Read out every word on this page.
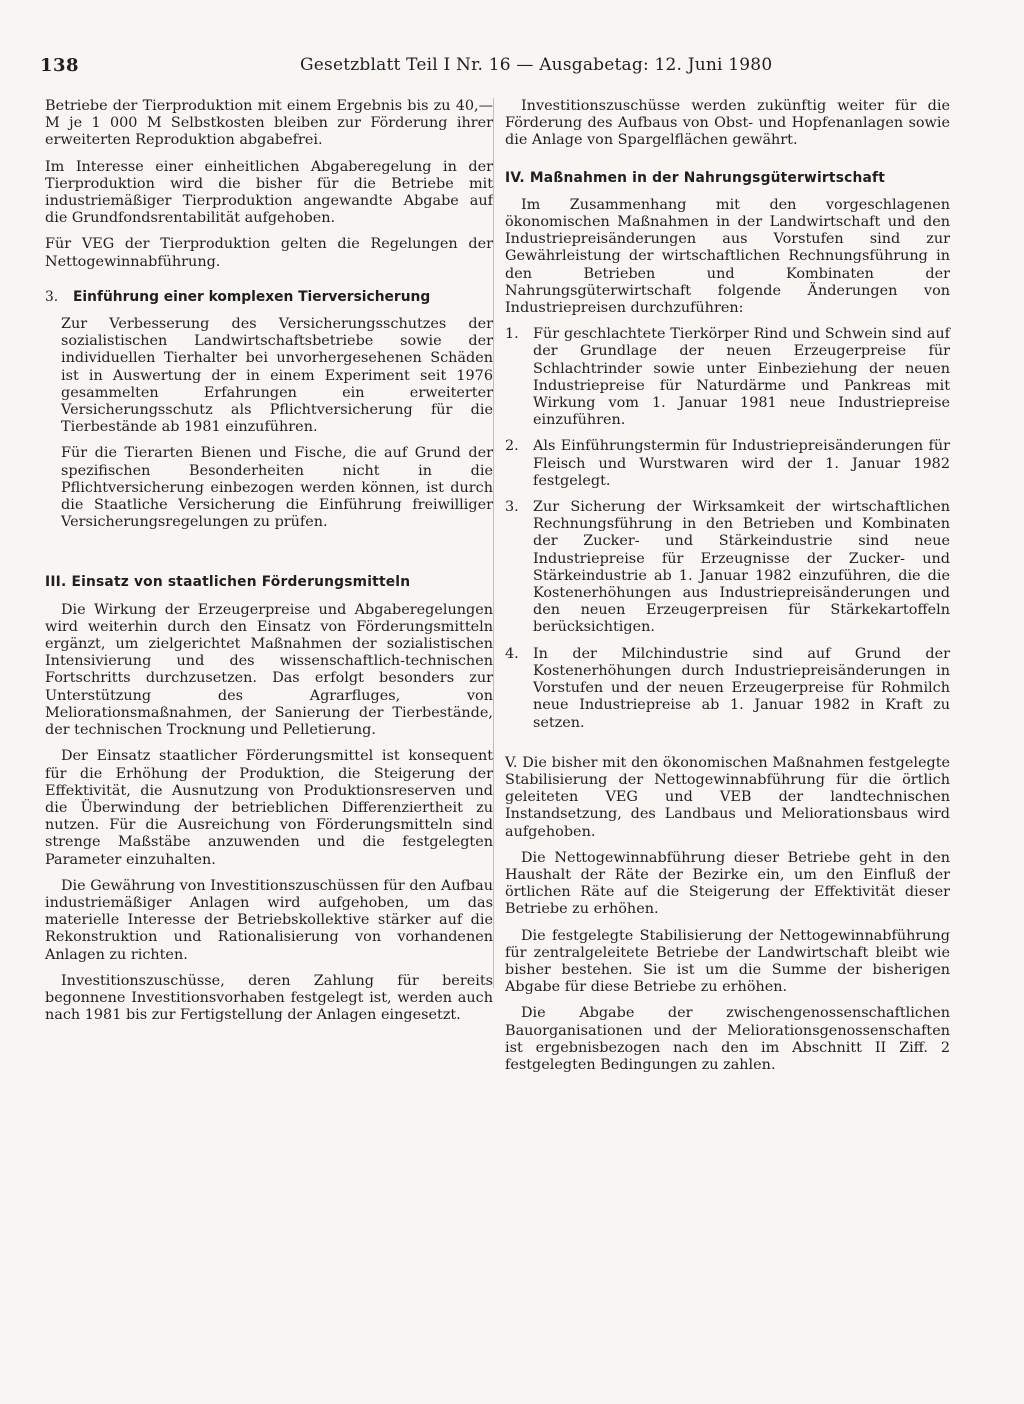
138	Gesetzblatt Teil I Nr. 16 — Ausgabetag: 12. Juni 1980

Betriebe der Tierproduktion mit einem Ergebnis bis zu 40,— M je 1 000 M Selbstkosten bleiben zur Förderung ihrer erweiterten Reproduktion abgabefrei.

Im Interesse einer einheitlichen Abgaberegelung in der Tierproduktion wird die bisher für die Betriebe mit industriemäßiger Tierproduktion angewandte Abgabe auf die Grundfondsrentabilität aufgehoben.

Für VEG der Tierproduktion gelten die Regelungen der Nettogewinnabführung.

3. Einführung einer komplexen Tierversicherung

Zur Verbesserung des Versicherungsschutzes der sozialistischen Landwirtschaftsbetriebe sowie der individuellen Tierhalter bei unvorhergesehenen Schäden ist in Auswertung der in einem Experiment seit 1976 gesammelten Erfahrungen ein erweiterter Versicherungsschutz als Pflichtversicherung für die Tierbestände ab 1981 einzuführen.

Für die Tierarten Bienen und Fische, die auf Grund der spezifischen Besonderheiten nicht in die Pflichtversicherung einbezogen werden können, ist durch die Staatliche Versicherung die Einführung freiwilliger Versicherungsregelungen zu prüfen.

III. Einsatz von staatlichen Förderungsmitteln

Die Wirkung der Erzeugerpreise und Abgaberegelungen wird weiterhin durch den Einsatz von Förderungsmitteln ergänzt, um zielgerichtet Maßnahmen der sozialistischen Intensivierung und des wissenschaftlich-technischen Fortschritts durchzusetzen. Das erfolgt besonders zur Unterstützung des Agrarfluges, von Meliorationsmaßnahmen, der Sanierung der Tierbestände, der technischen Trocknung und Pelletierung.

Der Einsatz staatlicher Förderungsmittel ist konsequent für die Erhöhung der Produktion, die Steigerung der Effektivität, die Ausnutzung von Produktionsreserven und die Überwindung der betrieblichen Differenziertheit zu nutzen. Für die Ausreichung von Förderungsmitteln sind strenge Maßstäbe anzuwenden und die festgelegten Parameter einzuhalten.

Die Gewährung von Investitionszuschüssen für den Aufbau industriemäßiger Anlagen wird aufgehoben, um das materielle Interesse der Betriebskollektive stärker auf die Rekonstruktion und Rationalisierung von vorhandenen Anlagen zu richten.

Investitionszuschüsse, deren Zahlung für bereits begonnene Investitionsvorhaben festgelegt ist, werden auch nach 1981 bis zur Fertigstellung der Anlagen eingesetzt.

Investitionszuschüsse werden zukünftig weiter für die Förderung des Aufbaus von Obst- und Hopfenanlagen sowie die Anlage von Spargelflächen gewährt.

IV. Maßnahmen in der Nahrungsgüterwirtschaft

Im Zusammenhang mit den vorgeschlagenen ökonomischen Maßnahmen in der Landwirtschaft und den Industriepreisänderungen aus Vorstufen sind zur Gewährleistung der wirtschaftlichen Rechnungsführung in den Betrieben und Kombinaten der Nahrungsgüterwirtschaft folgende Änderungen von Industriepreisen durchzuführen:

1. Für geschlachtete Tierkörper Rind und Schwein sind auf der Grundlage der neuen Erzeugerpreise für Schlachtrinder sowie unter Einbeziehung der neuen Industriepreise für Naturdärme und Pankreas mit Wirkung vom 1. Januar 1981 neue Industriepreise einzuführen.
2. Als Einführungstermin für Industriepreisänderungen für Fleisch und Wurstwaren wird der 1. Januar 1982 festgelegt.
3. Zur Sicherung der Wirksamkeit der wirtschaftlichen Rechnungsführung in den Betrieben und Kombinaten der Zucker- und Stärkeindustrie sind neue Industriepreise für Erzeugnisse der Zucker- und Stärkeindustrie ab 1. Januar 1982 einzuführen, die die Kostenerhöhungen aus Industriepreisänderungen und den neuen Erzeugerpreisen für Stärkekartoffeln berücksichtigen.
4. In der Milchindustrie sind auf Grund der Kostenerhöhungen durch Industriepreisänderungen in Vorstufen und der neuen Erzeugerpreise für Rohmilch neue Industriepreise ab 1. Januar 1982 in Kraft zu setzen.

V. Die bisher mit den ökonomischen Maßnahmen festgelegte Stabilisierung der Nettogewinnabführung für die örtlich geleiteten VEG und VEB der landtechnischen Instandsetzung, des Landbaus und Meliorationsbaus wird aufgehoben.

Die Nettogewinnabführung dieser Betriebe geht in den Haushalt der Räte der Bezirke ein, um den Einfluß der örtlichen Räte auf die Steigerung der Effektivität dieser Betriebe zu erhöhen.

Die festgelegte Stabilisierung der Nettogewinnabführung für zentralgeleitete Betriebe der Landwirtschaft bleibt wie bisher bestehen. Sie ist um die Summe der bisherigen Abgabe für diese Betriebe zu erhöhen.

Die Abgabe der zwischengenossenschaftlichen Bauorganisationen und der Meliorationsgenossenschaften ist ergebnisbezogen nach den im Abschnitt II Ziff. 2 festgelegten Bedingungen zu zahlen.
